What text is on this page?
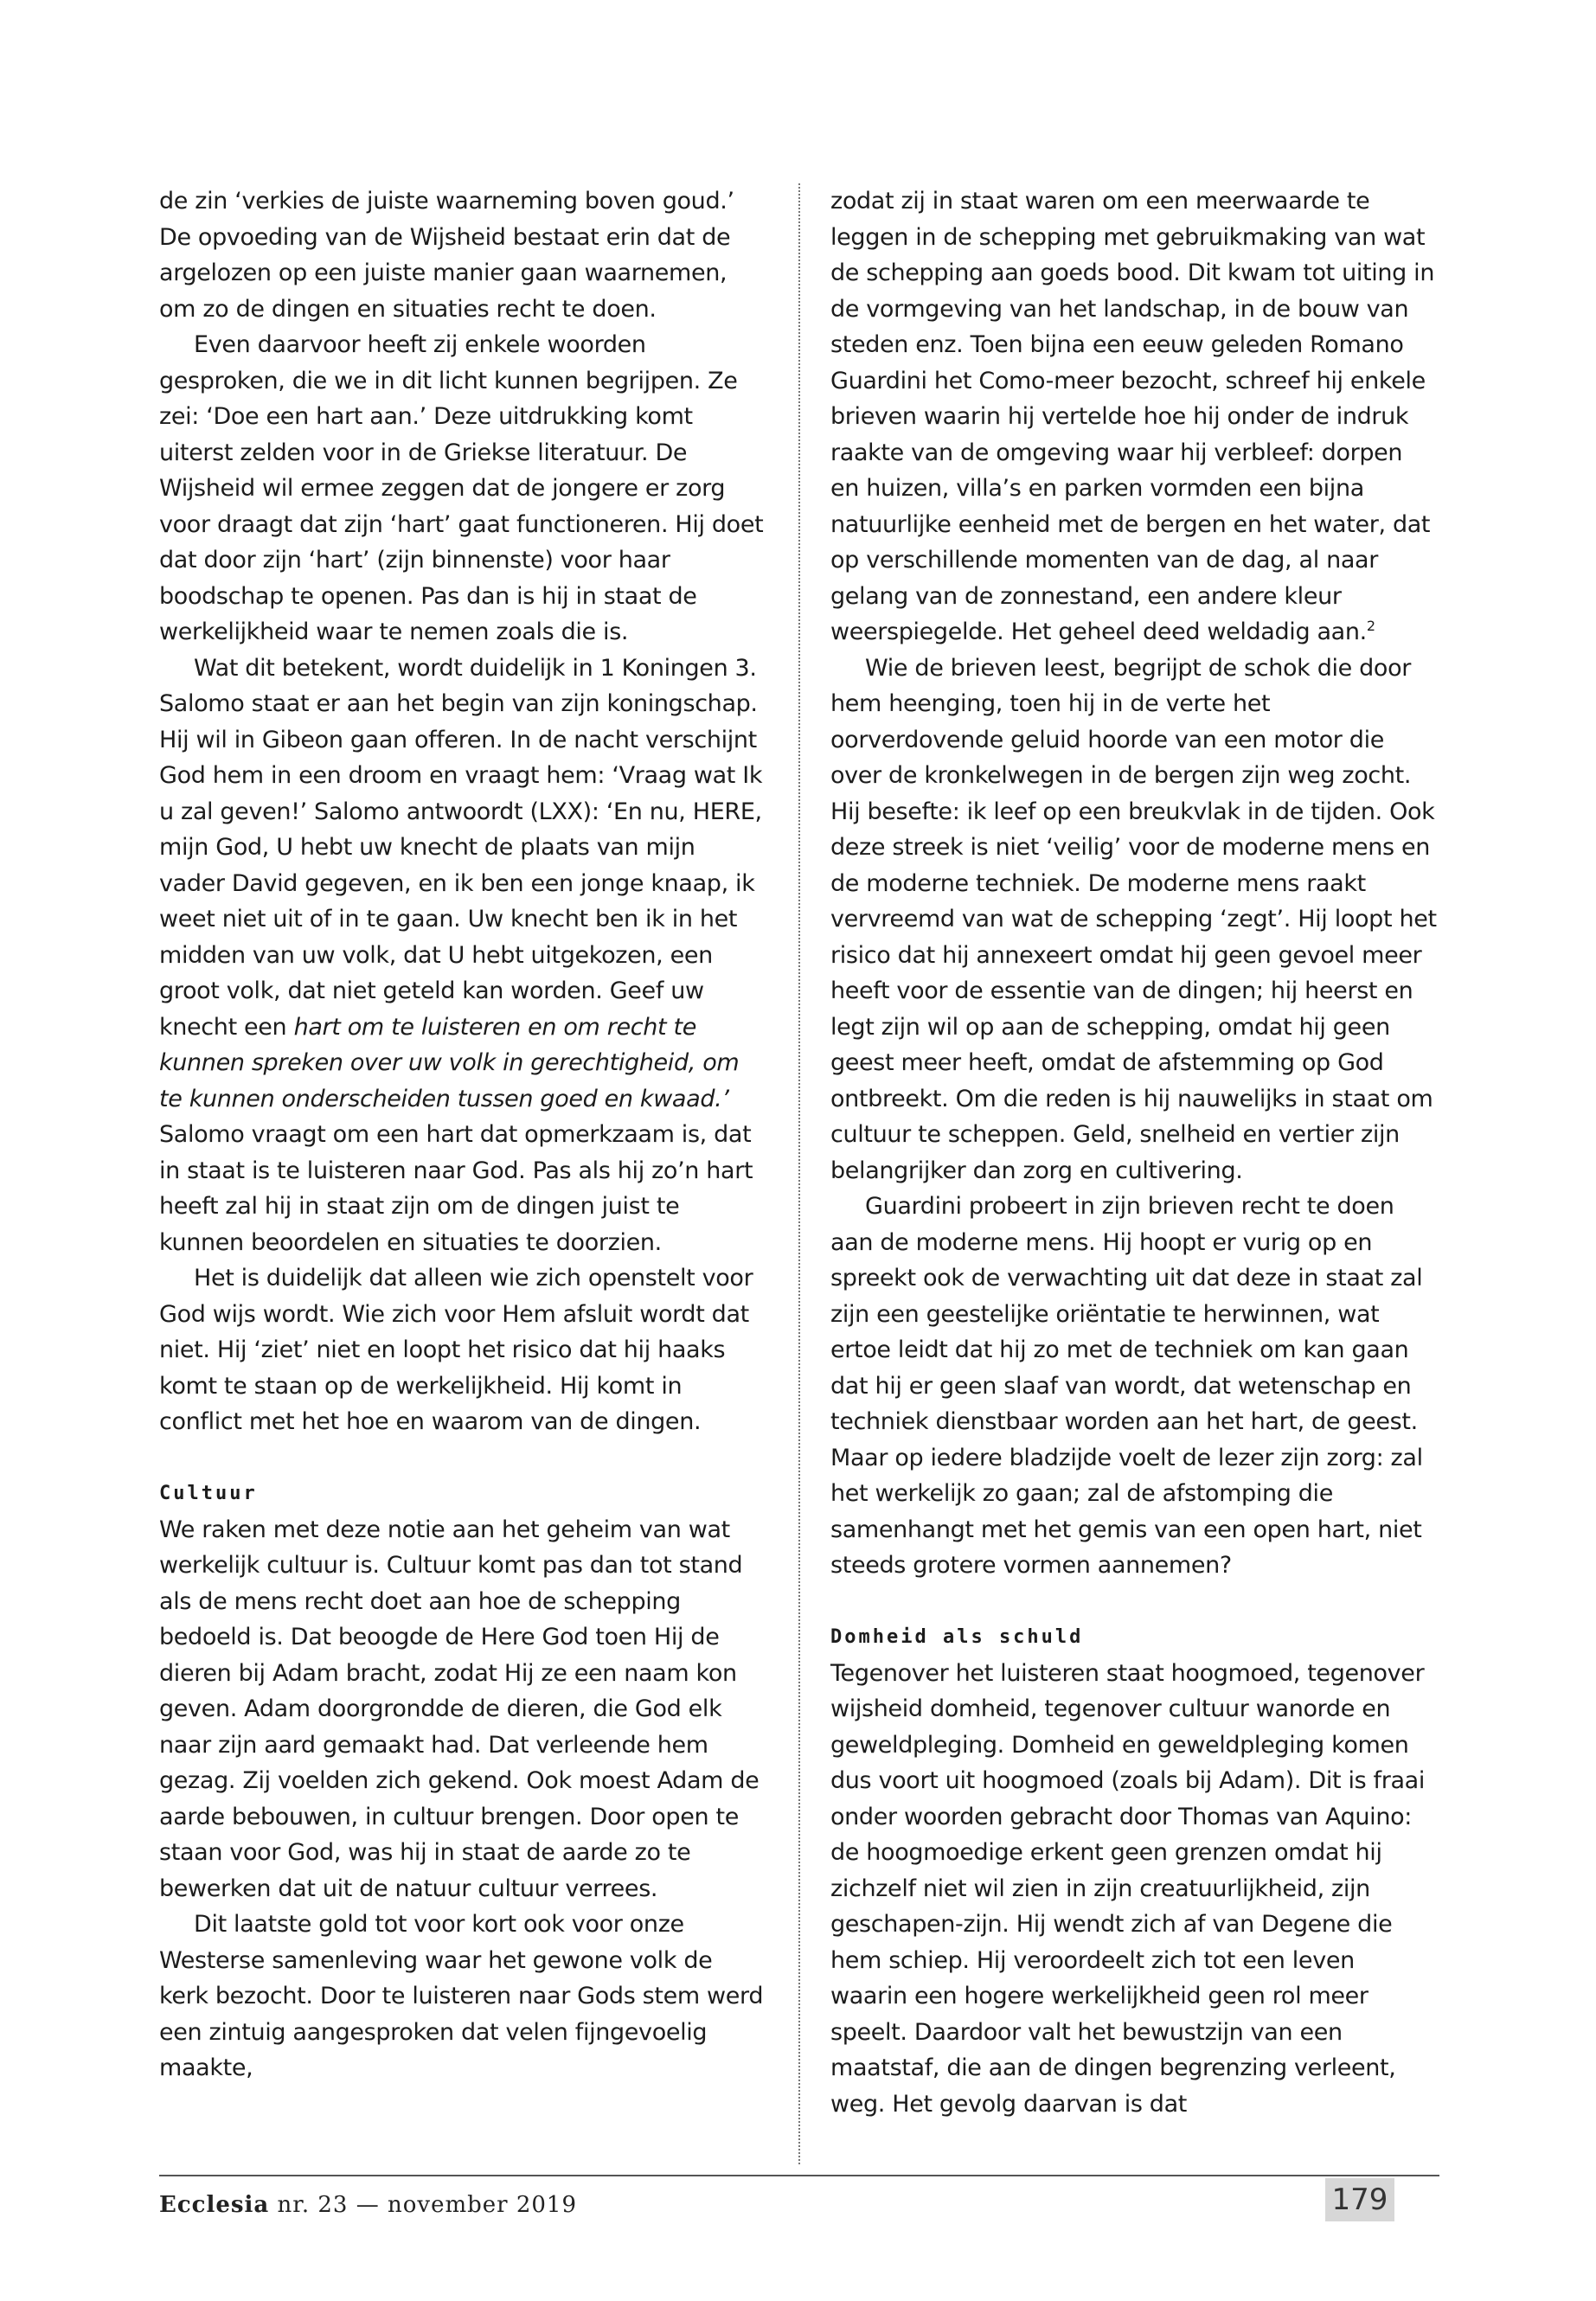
de zin ‘verkies de juiste waarneming boven goud.’ De opvoeding van de Wijsheid bestaat erin dat de argelozen op een juiste manier gaan waarnemen, om zo de dingen en situaties recht te doen.

Even daarvoor heeft zij enkele woorden gesproken, die we in dit licht kunnen begrijpen. Ze zei: ‘Doe een hart aan.’ Deze uitdrukking komt uiterst zelden voor in de Griekse literatuur. De Wijsheid wil ermee zeggen dat de jongere er zorg voor draagt dat zijn ‘hart’ gaat functioneren. Hij doet dat door zijn ‘hart’ (zijn binnenste) voor haar boodschap te openen. Pas dan is hij in staat de werkelijkheid waar te nemen zoals die is.

Wat dit betekent, wordt duidelijk in 1 Koningen 3. Salomo staat er aan het begin van zijn koningschap. Hij wil in Gibeon gaan offeren. In de nacht verschijnt God hem in een droom en vraagt hem: ‘Vraag wat Ik u zal geven!’ Salomo antwoordt (LXX): ‘En nu, HERE, mijn God, U hebt uw knecht de plaats van mijn vader David gegeven, en ik ben een jonge knaap, ik weet niet uit of in te gaan. Uw knecht ben ik in het midden van uw volk, dat U hebt uitgekozen, een groot volk, dat niet geteld kan worden. Geef uw knecht een hart om te luisteren en om recht te kunnen spreken over uw volk in gerechtigheid, om te kunnen onderscheiden tussen goed en kwaad.’ Salomo vraagt om een hart dat opmerkzaam is, dat in staat is te luisteren naar God. Pas als hij zo’n hart heeft zal hij in staat zijn om de dingen juist te kunnen beoordelen en situaties te doorzien.

Het is duidelijk dat alleen wie zich openstelt voor God wijs wordt. Wie zich voor Hem afsluit wordt dat niet. Hij ‘ziet’ niet en loopt het risico dat hij haaks komt te staan op de werkelijkheid. Hij komt in conflict met het hoe en waarom van de dingen.

Cultuur

We raken met deze notie aan het geheim van wat werkelijk cultuur is. Cultuur komt pas dan tot stand als de mens recht doet aan hoe de schepping bedoeld is. Dat beoogde de Here God toen Hij de dieren bij Adam bracht, zodat Hij ze een naam kon geven. Adam doorgrondde de dieren, die God elk naar zijn aard gemaakt had. Dat verleende hem gezag. Zij voelden zich gekend. Ook moest Adam de aarde bebouwen, in cultuur brengen. Door open te staan voor God, was hij in staat de aarde zo te bewerken dat uit de natuur cultuur verrees.

Dit laatste gold tot voor kort ook voor onze Westerse samenleving waar het gewone volk de kerk bezocht. Door te luisteren naar Gods stem werd een zintuig aangesproken dat velen fijngevoelig maakte,

zodat zij in staat waren om een meerwaarde te leggen in de schepping met gebruikmaking van wat de schepping aan goeds bood. Dit kwam tot uiting in de vormgeving van het landschap, in de bouw van steden enz. Toen bijna een eeuw geleden Romano Guardini het Como-meer bezocht, schreef hij enkele brieven waarin hij vertelde hoe hij onder de indruk raakte van de omgeving waar hij verbleef: dorpen en huizen, villa’s en parken vormden een bijna natuurlijke eenheid met de bergen en het water, dat op verschillende momenten van de dag, al naar gelang van de zonnestand, een andere kleur weerspiegelde. Het geheel deed weldadig aan.$^2$

Wie de brieven leest, begrijpt de schok die door hem heenging, toen hij in de verte het oorverdovende geluid hoorde van een motor die over de kronkelwegen in de bergen zijn weg zocht. Hij besefte: ik leef op een breukvlak in de tijden. Ook deze streek is niet ‘veilig’ voor de moderne mens en de moderne techniek. De moderne mens raakt vervreemd van wat de schepping ‘zegt’. Hij loopt het risico dat hij annexeert omdat hij geen gevoel meer heeft voor de essentie van de dingen; hij heerst en legt zijn wil op aan de schepping, omdat hij geen geest meer heeft, omdat de afstemming op God ontbreekt. Om die reden is hij nauwelijks in staat om cultuur te scheppen. Geld, snelheid en vertier zijn belangrijker dan zorg en cultivering.

Guardini probeert in zijn brieven recht te doen aan de moderne mens. Hij hoopt er vurig op en spreekt ook de verwachting uit dat deze in staat zal zijn een geestelijke oriëntatie te herwinnen, wat ertoe leidt dat hij zo met de techniek om kan gaan dat hij er geen slaaf van wordt, dat wetenschap en techniek dienstbaar worden aan het hart, de geest. Maar op iedere bladzijde voelt de lezer zijn zorg: zal het werkelijk zo gaan; zal de afstomping die samenhangt met het gemis van een open hart, niet steeds grotere vormen aannemen?

Domheid als schuld

Tegenover het luisteren staat hoogmoed, tegenover wijsheid domheid, tegenover cultuur wanorde en geweldpleging. Domheid en geweldpleging komen dus voort uit hoogmoed (zoals bij Adam). Dit is fraai onder woorden gebracht door Thomas van Aquino: de hoogmoedige erkent geen grenzen omdat hij zichzelf niet wil zien in zijn creatuurlijkheid, zijn geschapen-zijn. Hij wendt zich af van Degene die hem schiep. Hij veroordeelt zich tot een leven waarin een hogere werkelijkheid geen rol meer speelt. Daardoor valt het bewustzijn van een maatstaf, die aan de dingen begrenzing verleent, weg. Het gevolg daarvan is dat

Ecclesia nr. 23 — november 2019	179
